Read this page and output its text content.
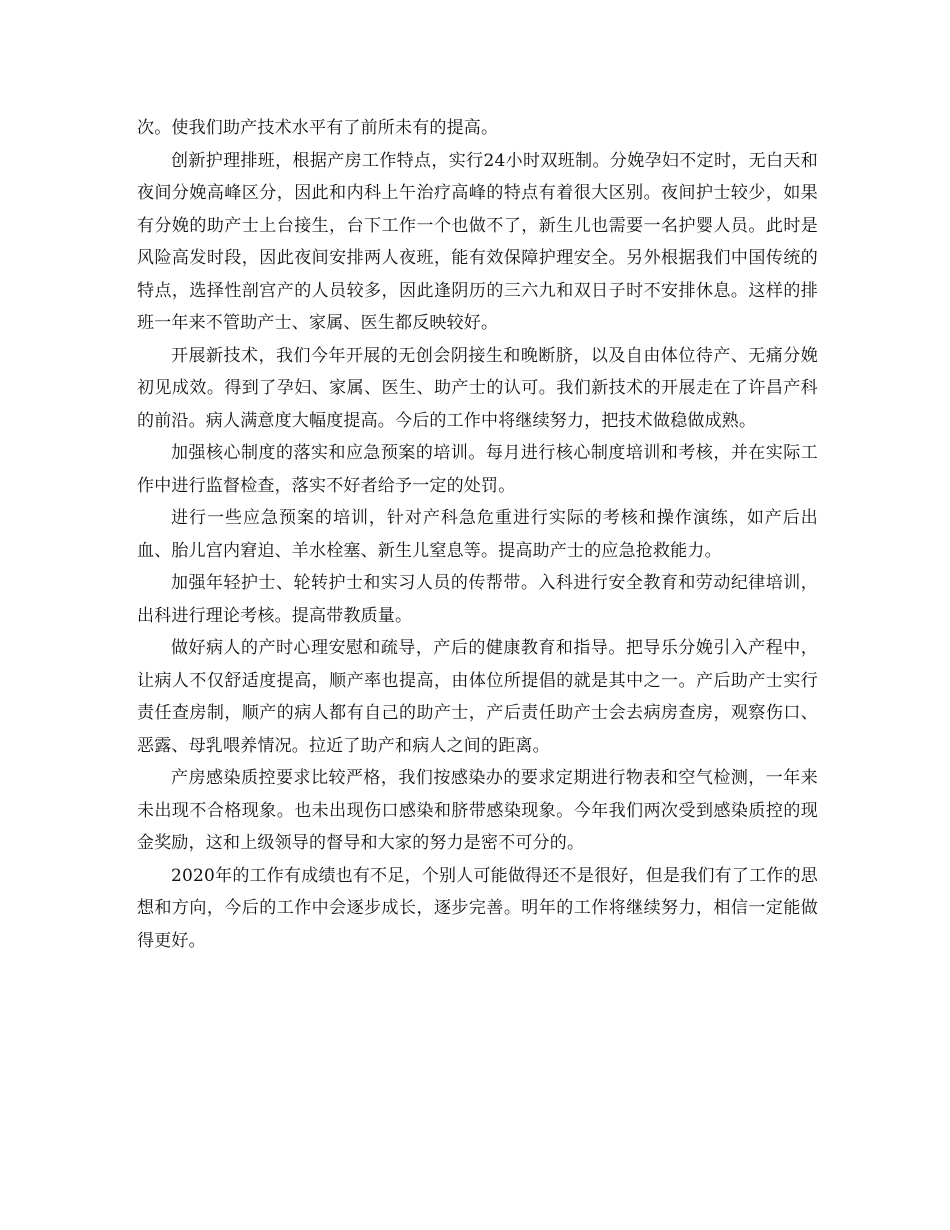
次。使我们助产技术水平有了前所未有的提高。

创新护理排班，根据产房工作特点，实行24小时双班制。分娩孕妇不定时，无白天和夜间分娩高峰区分，因此和内科上午治疗高峰的特点有着很大区别。夜间护士较少，如果有分娩的助产士上台接生，台下工作一个也做不了，新生儿也需要一名护婴人员。此时是风险高发时段，因此夜间安排两人夜班，能有效保障护理安全。另外根据我们中国传统的特点，选择性剖宫产的人员较多，因此逢阴历的三六九和双日子时不安排休息。这样的排班一年来不管助产士、家属、医生都反映较好。

开展新技术，我们今年开展的无创会阴接生和晚断脐，以及自由体位待产、无痛分娩初见成效。得到了孕妇、家属、医生、助产士的认可。我们新技术的开展走在了许昌产科的前沿。病人满意度大幅度提高。今后的工作中将继续努力，把技术做稳做成熟。

加强核心制度的落实和应急预案的培训。每月进行核心制度培训和考核，并在实际工作中进行监督检查，落实不好者给予一定的处罚。

进行一些应急预案的培训，针对产科急危重进行实际的考核和操作演练，如产后出血、胎儿宫内窘迫、羊水栓塞、新生儿窒息等。提高助产士的应急抢救能力。

加强年轻护士、轮转护士和实习人员的传帮带。入科进行安全教育和劳动纪律培训，出科进行理论考核。提高带教质量。

做好病人的产时心理安慰和疏导，产后的健康教育和指导。把导乐分娩引入产程中，让病人不仅舒适度提高，顺产率也提高，由体位所提倡的就是其中之一。产后助产士实行责任查房制，顺产的病人都有自己的助产士，产后责任助产士会去病房查房，观察伤口、恶露、母乳喂养情况。拉近了助产和病人之间的距离。

产房感染质控要求比较严格，我们按感染办的要求定期进行物表和空气检测，一年来未出现不合格现象。也未出现伤口感染和脐带感染现象。今年我们两次受到感染质控的现金奖励，这和上级领导的督导和大家的努力是密不可分的。

2020年的工作有成绩也有不足，个别人可能做得还不是很好，但是我们有了工作的思想和方向，今后的工作中会逐步成长，逐步完善。明年的工作将继续努力，相信一定能做得更好。
